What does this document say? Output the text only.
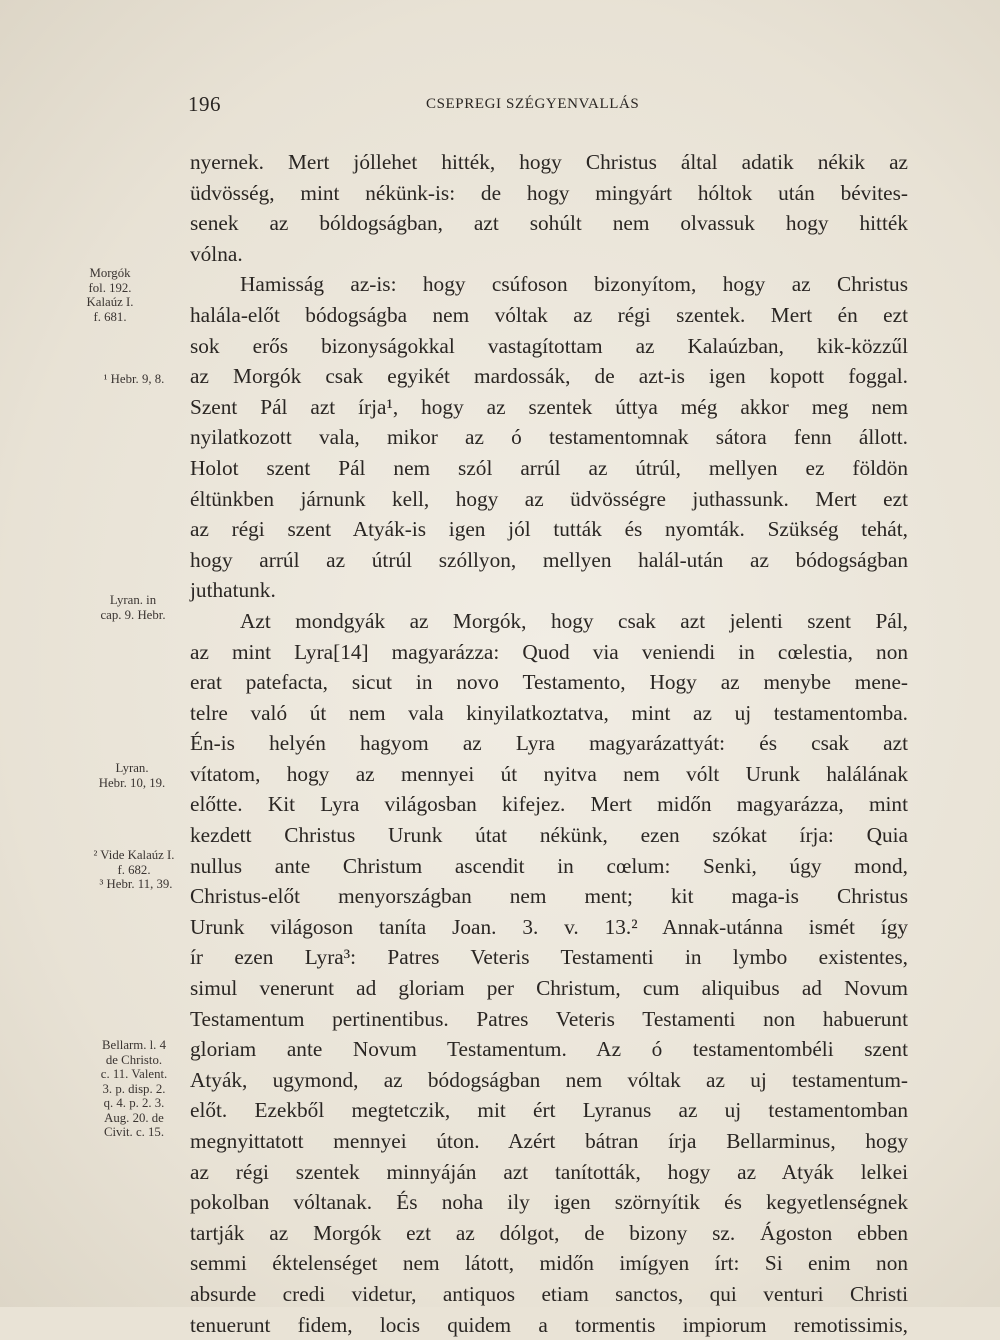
196	CSEPREGI SZÉGYENVALLÁS
nyernek. Mert jóllehet hitték, hogy Christus által adatik nékik az
üdvösség, mint nékünk-is: de hogy mingyárt hóltok után bévites-
senek az bóldogságban, azt sohúlt nem olvassuk hogy hitték
vólna.
Hamisság az-is: hogy csúfoson bizonyítom, hogy az Christus
halála-előt bódogságba nem vóltak az régi szentek. Mert én ezt
sok erős bizonyságokkal vastagítottam az Kalaúzban, kik-közzűl
az Morgók csak egyikét mardossák, de azt-is igen kopott foggal.
Szent Pál azt írja¹, hogy az szentek úttya még akkor meg nem
nyilatkozott vala, mikor az ó testamentomnak sátora fenn állott.
Holot szent Pál nem szól arrúl az útrúl, mellyen ez földön
éltünkben járnunk kell, hogy az üdvösségre juthassunk. Mert ezt
az régi szent Atyák-is igen jól tutták és nyomták. Szükség tehát,
hogy arrúl az útrúl szóllyon, mellyen halál-után az bódogságban
juthatunk.
Azt mondgyák az Morgók, hogy csak azt jelenti szent Pál,
az mint Lyra[14] magyarázza: Quod via veniendi in cœlestia, non
erat patefacta, sicut in novo Testamento, Hogy az menybe mene-
telre való út nem vala kinyilatkoztatva, mint az uj testamentomba.
Én-is helyén hagyom az Lyra magyarázattyát: és csak azt
vítatom, hogy az mennyei út nyitva nem vólt Urunk halálának
előtte. Kit Lyra világosban kifejez. Mert midőn magyarázza, mint
kezdett Christus Urunk útat nékünk, ezen szókat írja: Quia
nullus ante Christum ascendit in cœlum: Senki, úgy mond,
Christus-előt menyországban nem ment; kit maga-is Christus
Urunk világoson taníta Joan. 3. v. 13.² Annak-utánna ismét így
ír ezen Lyra³: Patres Veteris Testamenti in lymbo existentes,
simul venerunt ad gloriam per Christum, cum aliquibus ad Novum
Testamentum pertinentibus. Patres Veteris Testamenti non habuerunt
gloriam ante Novum Testamentum. Az ó testamentombéli szent
Atyák, ugymond, az bódogságban nem vóltak az uj testamentum-
előt. Ezekből megtetczik, mit ért Lyranus az uj testamentomban
megnyittatott mennyei úton. Azért bátran írja Bellarminus, hogy
az régi szentek minnyáján azt tanították, hogy az Atyák lelkei
pokolban vóltanak. És noha ily igen szörnyítik és kegyetlenségnek
tartják az Morgók ezt az dólgot, de bizony sz. Ágoston ebben
semmi éktelenséget nem látott, midőn imígyen írt: Si enim non
absurde credi videtur, antiquos etiam sanctos, qui venturi Christi
tenuerunt fidem, locis quidem a tormentis impiorum remotissimis,
Morgók
fol. 192.
Kalaúz I.
f. 681.
¹ Hebr. 9, 8.
Lyran. in
cap. 9. Hebr.
Lyran.
Hebr. 10, 19.
² Vide Kalaúz I.
f. 682.
³ Hebr. 11, 39.
Bellarm. l. 4
de Christo.
c. 11. Valent.
3. p. disp. 2.
q. 4. p. 2. 3.
Aug. 20. de
Civit. c. 15.
